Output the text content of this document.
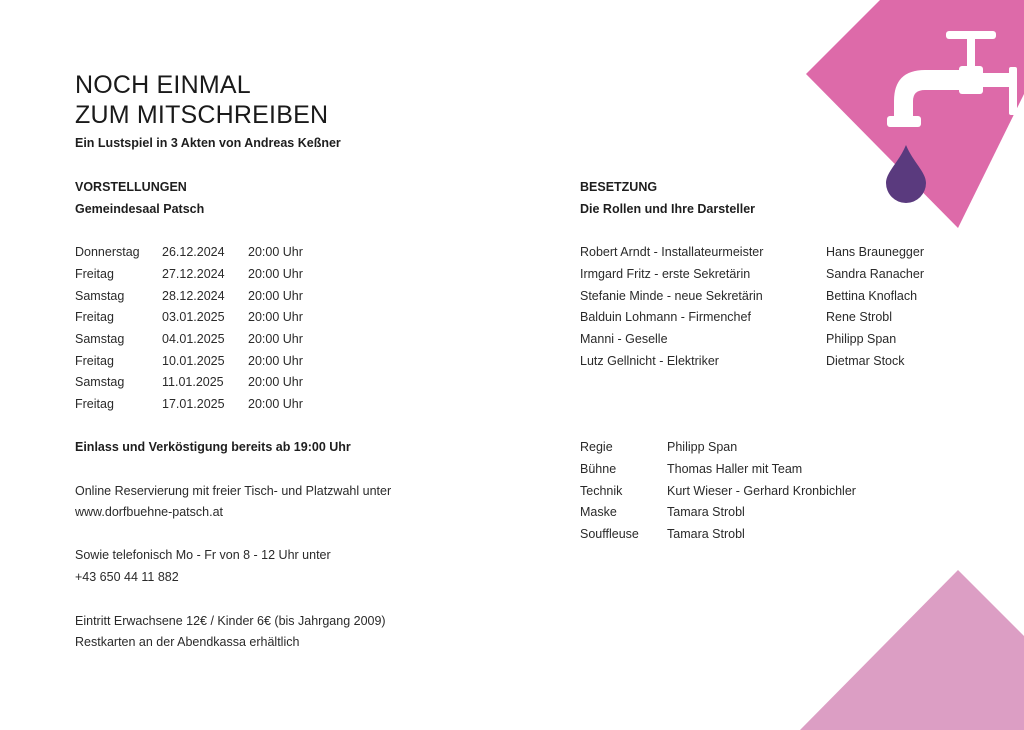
NOCH EINMAL
ZUM MITSCHREIBEN
Ein Lustspiel in 3 Akten von Andreas Keßner
VORSTELLUNGEN
Gemeindesaal Patsch
Donnerstag 26.12.2024 20:00 Uhr
Freitag	27.12.2024 20:00 Uhr
Samstag	28.12.2024 20:00 Uhr
Freitag	03.01.2025 20:00 Uhr
Samstag	04.01.2025 20:00 Uhr
Freitag	10.01.2025 20:00 Uhr
Samstag	11.01.2025 20:00 Uhr
Freitag	17.01.2025 20:00 Uhr
Einlass und Verköstigung bereits ab 19:00 Uhr
Online Reservierung mit freier Tisch- und Platzwahl unter
www.dorfbuehne-patsch.at
Sowie telefonisch Mo - Fr von 8 - 12 Uhr unter
+43 650 44 11 882
Eintritt Erwachsene 12€ / Kinder 6€ (bis Jahrgang 2009)
Restkarten an der Abendkassa erhältlich
BESETZUNG
Die Rollen und Ihre Darsteller
Robert Arndt - Installateurmeister	Hans Braunegger
Irmgard Fritz - erste Sekretärin	Sandra Ranacher
Stefanie Minde - neue Sekretärin	Bettina Knoflach
Balduin Lohmann - Firmenchef	Rene Strobl
Manni - Geselle	Philipp Span
Lutz Gellnicht - Elektriker	Dietmar Stock
Regie	Philipp Span
Bühne	Thomas Haller mit Team
Technik	Kurt Wieser - Gerhard Kronbichler
Maske	Tamara Strobl
Souffleuse Tamara Strobl
